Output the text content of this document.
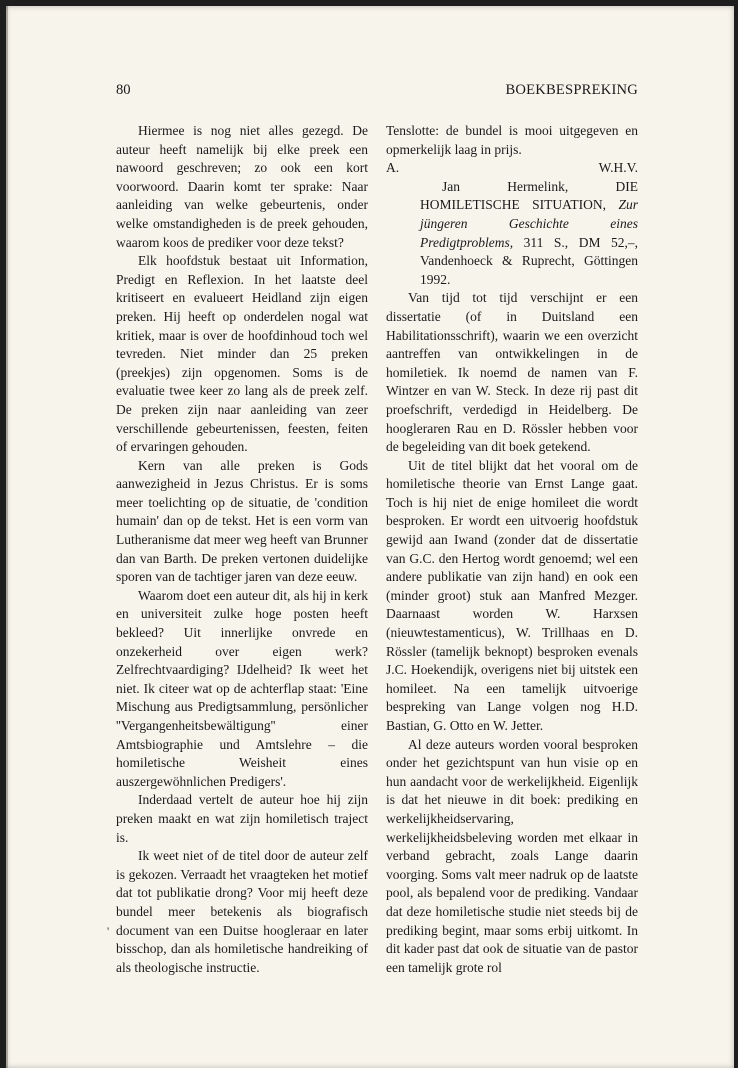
80	BOEKBESPREKING

Hiermee is nog niet alles gezegd. De auteur heeft namelijk bij elke preek een nawoord geschreven; zo ook een kort voorwoord. Daarin komt ter sprake: Naar aanleiding van welke gebeurtenis, onder welke omstandigheden is de preek gehouden, waarom koos de prediker voor deze tekst?

Elk hoofdstuk bestaat uit Information, Predigt en Reflexion. In het laatste deel kritiseert en evalueert Heidland zijn eigen preken. Hij heeft op onderdelen nogal wat kritiek, maar is over de hoofdinhoud toch wel tevreden. Niet minder dan 25 preken (preekjes) zijn opgenomen. Soms is de evaluatie twee keer zo lang als de preek zelf. De preken zijn naar aanleiding van zeer verschillende gebeurtenissen, feesten, feiten of ervaringen gehouden.

Kern van alle preken is Gods aanwezigheid in Jezus Christus. Er is soms meer toelichting op de situatie, de 'condition humain' dan op de tekst. Het is een vorm van Lutheranisme dat meer weg heeft van Brunner dan van Barth. De preken vertonen duidelijke sporen van de tachtiger jaren van deze eeuw.

Waarom doet een auteur dit, als hij in kerk en universiteit zulke hoge posten heeft bekleed? Uit innerlijke onvrede en onzekerheid over eigen werk? Zelfrechtvaardiging? IJdelheid? Ik weet het niet. Ik citeer wat op de achterflap staat: 'Eine Mischung aus Predigtsammlung, persönlicher ''Vergangenheitsbewältigung'' einer Amtsbiographie und Amtslehre – die homiletische Weisheit eines auszergewöhnlichen Predigers'.

Inderdaad vertelt de auteur hoe hij zijn preken maakt en wat zijn homiletisch traject is.

Ik weet niet of de titel door de auteur zelf is gekozen. Verraadt het vraagteken het motief dat tot publikatie drong? Voor mij heeft deze bundel meer betekenis als biografisch document van een Duitse hoogleraar en later bisschop, dan als homiletische handreiking of als theologische instructie.

'

Tenslotte: de bundel is mooi uitgegeven en opmerkelijk laag in prijs.

A.	W.H.V.

Jan Hermelink, DIE HOMILETISCHE SITUATION, Zur jüngeren Geschichte eines Predigtproblems, 311 S., DM 52,–, Vandenhoeck & Ruprecht, Göttingen 1992.

Van tijd tot tijd verschijnt er een dissertatie (of in Duitsland een Habilitationsschrift), waarin we een overzicht aantreffen van ontwikkelingen in de homiletiek. Ik noemd de namen van F. Wintzer en van W. Steck. In deze rij past dit proefschrift, verdedigd in Heidelberg. De hoogleraren Rau en D. Rössler hebben voor de begeleiding van dit boek getekend.

Uit de titel blijkt dat het vooral om de homiletische theorie van Ernst Lange gaat. Toch is hij niet de enige homileet die wordt besproken. Er wordt een uitvoerig hoofdstuk gewijd aan Iwand (zonder dat de dissertatie van G.C. den Hertog wordt genoemd; wel een andere publikatie van zijn hand) en ook een (minder groot) stuk aan Manfred Mezger. Daarnaast worden W. Harxsen (nieuwtestamenticus), W. Trillhaas en D. Rössler (tamelijk beknopt) besproken evenals J.C. Hoekendijk, overigens niet bij uitstek een homileet. Na een tamelijk uitvoerige bespreking van Lange volgen nog H.D. Bastian, G. Otto en W. Jetter.

Al deze auteurs worden vooral besproken onder het gezichtspunt van hun visie op en hun aandacht voor de werkelijkheid. Eigenlijk is dat het nieuwe in dit boek: prediking en werkelijkheidservaring, werkelijkheidsbeleving worden met elkaar in verband gebracht, zoals Lange daarin voorging. Soms valt meer nadruk op de laatste pool, als bepalend voor de prediking. Vandaar dat deze homiletische studie niet steeds bij de prediking begint, maar soms erbij uitkomt. In dit kader past dat ook de situatie van de pastor een tamelijk grote rol
